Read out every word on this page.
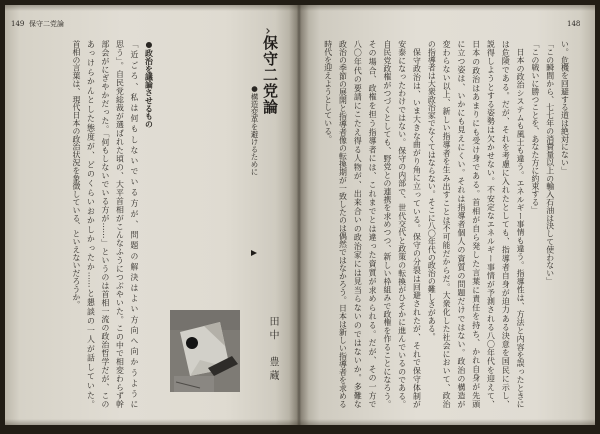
149 保守二党論	148
保守二党論
●構造変革を避けるために
田中　豊蔵
●政治を議論させるもの
「近ごろ、私は何もしないでいる方が、問題の解決はよい方向へ向かうように
思う」。自民党総裁が選ばれた頃の、大平首相がこんなふうにつぶやいた。この中で相変わらず幹
部会がにぎやかだった。「何もしないでいる方が……」というのは首相一流の政治哲学だが、この
あっけらかんとした態度が、どのくらいおかしかったか……と懇談の一人が話していた。
首相の言葉は、現代日本の政治状況を象徴している、といえないだろうか。	い。危機を回避する道は絶対にない」
「この瞬間から、七七年の消費量以上の輸入石油は決して使わない」
「この戦いに勝つことを、あなた方に約束する」
日本の政治システムも風土も違う。エネルギー事情も違う。指導性は、方法と内容を誤ったときに
は危険である。だが、それを考慮に入れたとしても、指導者自身が迫力ある決意を国民に示し、
説得しようとする姿勢は欠かせない。不安定なエネルギー事情が予測される八〇年代を迎えて、
日本の政治はあまりにも受け身である。首相が自ら発した言葉に責任を持ち、かれ自身が先頭
に立つ姿は、いかにも見えにくい。それは指導者個人の資質の問題だけではない。政治の構造が
変わらない以上、新しい指導者を生み出すことは不可能だからだ。大衆化した社会において、政治
の指導者は大衆政治家でなくてはならない。そこに八〇年代の政治の難しさがある。
保守政治は、いま大きな曲がり角に立っている。保守の分裂は回避されたが、それで保守体制が
安泰になったわけではない。保守の内部で、世代交代と政策の転換がひそかに進んでいるのである。
自民党政権がつづくとしても、野党との連携を求めつつ、新しい枠組みで政権を作ることになろう。
その場合、政権を担う指導者には、これまでとは違った資質が求められる。だが、その一方で
八〇年代の要請にこたえ得る人物が、出来合いの政治家には見当らないのではないか。多難な
政治の季節の展開と指導者像の転換期が一致したのは偶然ではなかろう。日本は新しい指導者を求める
時代を迎えようとしている。
